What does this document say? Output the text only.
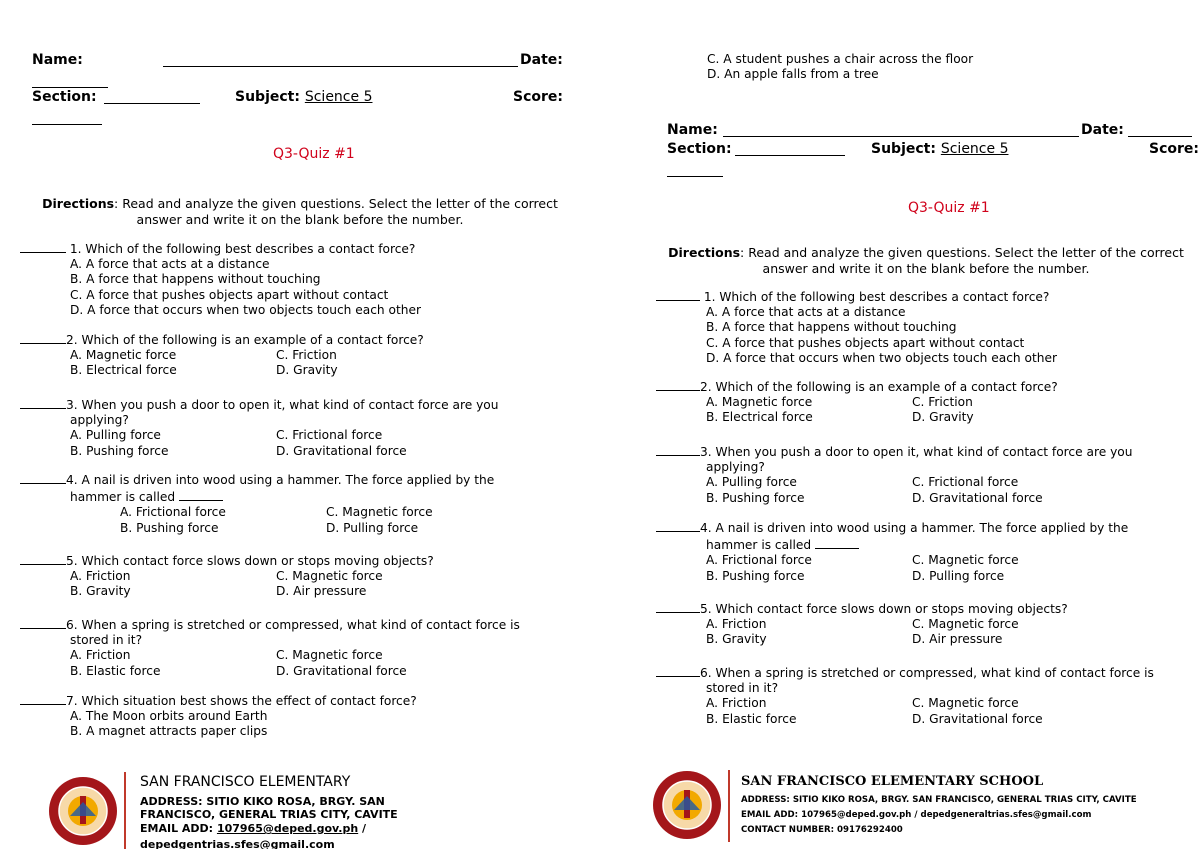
Name:	Date:
Section:	Subject: Science 5	Score:
Q3-Quiz #1
Directions: Read and analyze the given questions. Select the letter of the correct answer and write it on the blank before the number.
1. Which of the following best describes a contact force?
A. A force that acts at a distance
B. A force that happens without touching
C. A force that pushes objects apart without contact
D. A force that occurs when two objects touch each other
2. Which of the following is an example of a contact force?
A. Magnetic force	C. Friction
B. Electrical force	D. Gravity
3. When you push a door to open it, what kind of contact force are you
applying?
A. Pulling force	C. Frictional force
B. Pushing force	D. Gravitational force
4. A nail is driven into wood using a hammer. The force applied by the
hammer is called
A. Frictional force	C. Magnetic force
B. Pushing force	D. Pulling force
5. Which contact force slows down or stops moving objects?
A. Friction	C. Magnetic force
B. Gravity	D. Air pressure
6. When a spring is stretched or compressed, what kind of contact force is
stored in it?
A. Friction	C. Magnetic force
B. Elastic force	D. Gravitational force
7. Which situation best shows the effect of contact force?
A. The Moon orbits around Earth
B. A magnet attracts paper clips
SAN FRANCISCO ELEMENTARY
ADDRESS: SITIO KIKO ROSA, BRGY. SAN FRANCISCO, GENERAL TRIAS CITY, CAVITE
EMAIL ADD: 107965@deped.gov.ph /
depedgentrias.sfes@gmail.com
C. A student pushes a chair across the floor
D. An apple falls from a tree
Name:	Date:
Section:	Subject: Science 5	Score:
Q3-Quiz #1
Directions: Read and analyze the given questions. Select the letter of the correct answer and write it on the blank before the number.
1. Which of the following best describes a contact force?
A. A force that acts at a distance
B. A force that happens without touching
C. A force that pushes objects apart without contact
D. A force that occurs when two objects touch each other
2. Which of the following is an example of a contact force?
A. Magnetic force	C. Friction
B. Electrical force	D. Gravity
3. When you push a door to open it, what kind of contact force are you
applying?
A. Pulling force	C. Frictional force
B. Pushing force	D. Gravitational force
4. A nail is driven into wood using a hammer. The force applied by the
hammer is called
A. Frictional force	C. Magnetic force
B. Pushing force	D. Pulling force
5. Which contact force slows down or stops moving objects?
A. Friction	C. Magnetic force
B. Gravity	D. Air pressure
6. When a spring is stretched or compressed, what kind of contact force is
stored in it?
A. Friction	C. Magnetic force
B. Elastic force	D. Gravitational force
SAN FRANCISCO ELEMENTARY SCHOOL
ADDRESS: SITIO KIKO ROSA, BRGY. SAN FRANCISCO, GENERAL TRIAS CITY, CAVITE
EMAIL ADD: 107965@deped.gov.ph / depedgeneraltrias.sfes@gmail.com
CONTACT NUMBER: 09176292400
